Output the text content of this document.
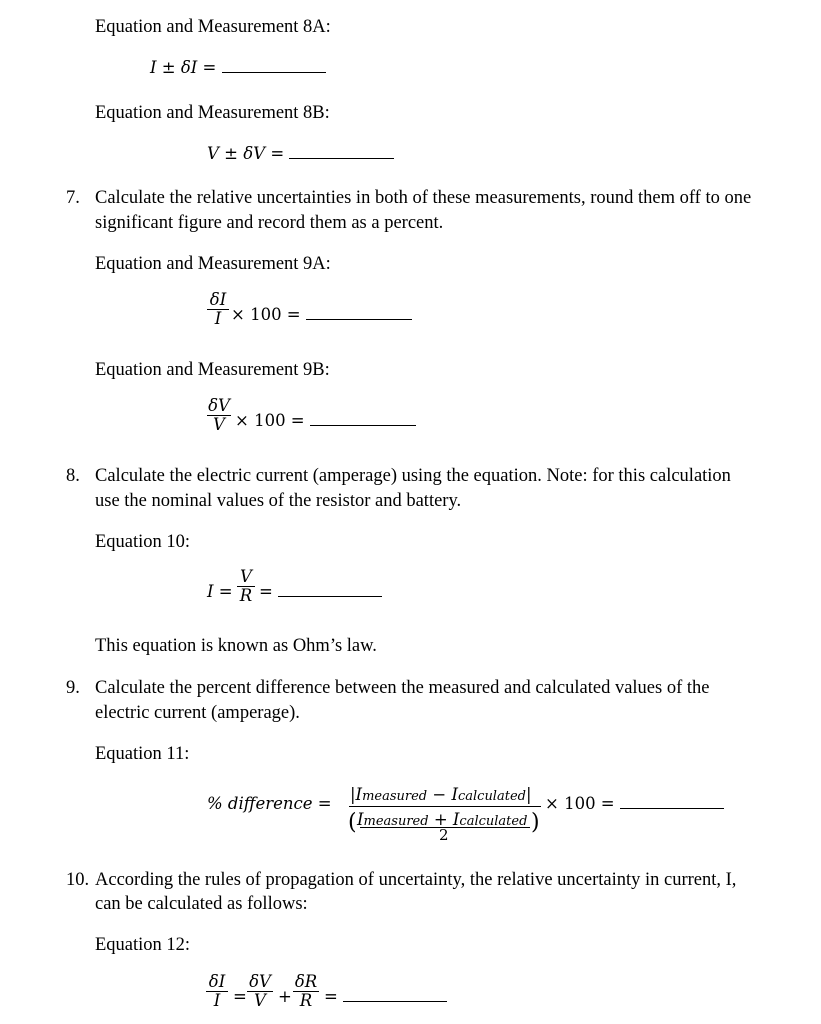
Equation and Measurement 8A:
I ± δI =
Equation and Measurement 8B:
V ± δV =
7. Calculate the relative uncertainties in both of these measurements, round them off to one
significant figure and record them as a percent.
Equation and Measurement 9A:
δI
I × 100 =
Equation and Measurement 9B:
δV
V × 100 =
8. Calculate the electric current (amperage) using the equation. Note: for this calculation
use the nominal values of the resistor and battery.
Equation 10:
I =
V
R =
This equation is known as Ohm’s law.
9. Calculate the percent difference between the measured and calculated values of the
electric current (amperage).
Equation 11:
% difference = |Imeasured − Icalculated|
( Imeasured + Icalculated
2	)
× 100 =
10. According the rules of propagation of uncertainty, the relative uncertainty in current, I,
can be calculated as follows:
Equation 12:
δI
I =
δV
V +
δR
R =
